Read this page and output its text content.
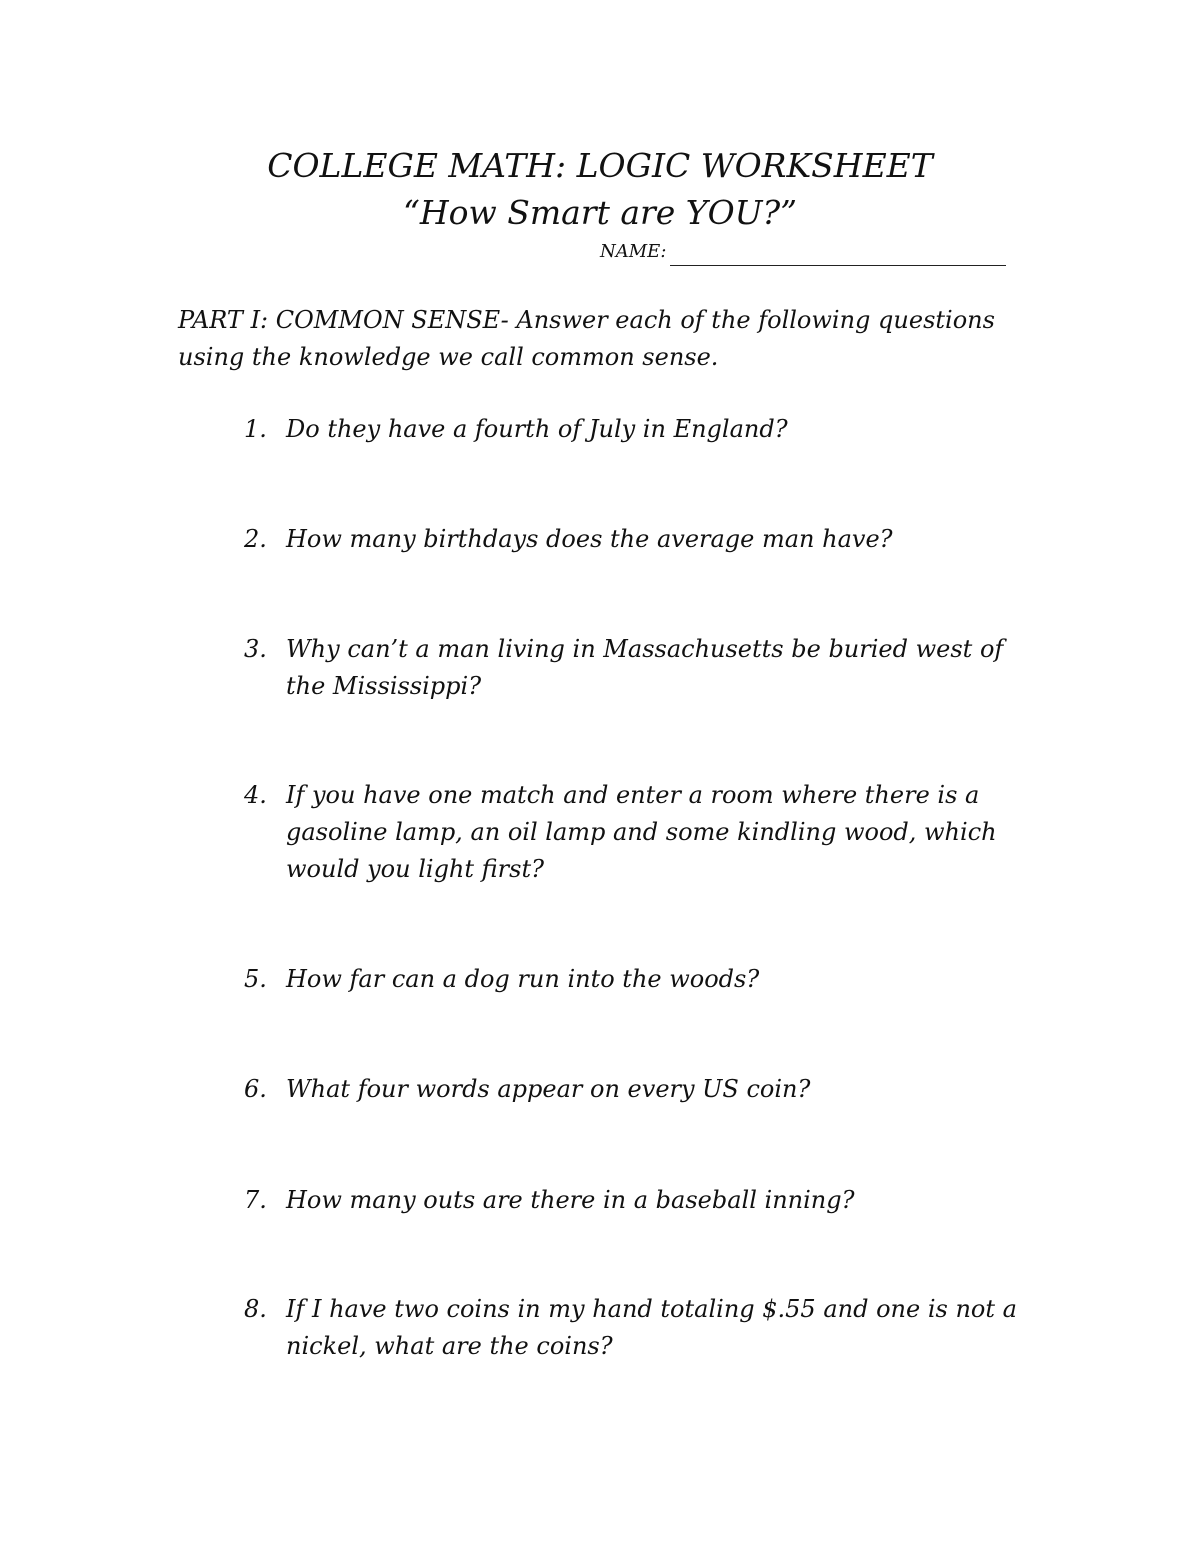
COLLEGE MATH: LOGIC WORKSHEET
“How Smart are YOU?”
NAME:
PART I: COMMON SENSE- Answer each of the following questions using the knowledge we call common sense.
1. Do they have a fourth of July in England?
2. How many birthdays does the average man have?
3. Why can’t a man living in Massachusetts be buried west of the Mississippi?
4. If you have one match and enter a room where there is a gasoline lamp, an oil lamp and some kindling wood, which would you light first?
5. How far can a dog run into the woods?
6. What four words appear on every US coin?
7. How many outs are there in a baseball inning?
8. If I have two coins in my hand totaling $.55 and one is not a nickel, what are the coins?
